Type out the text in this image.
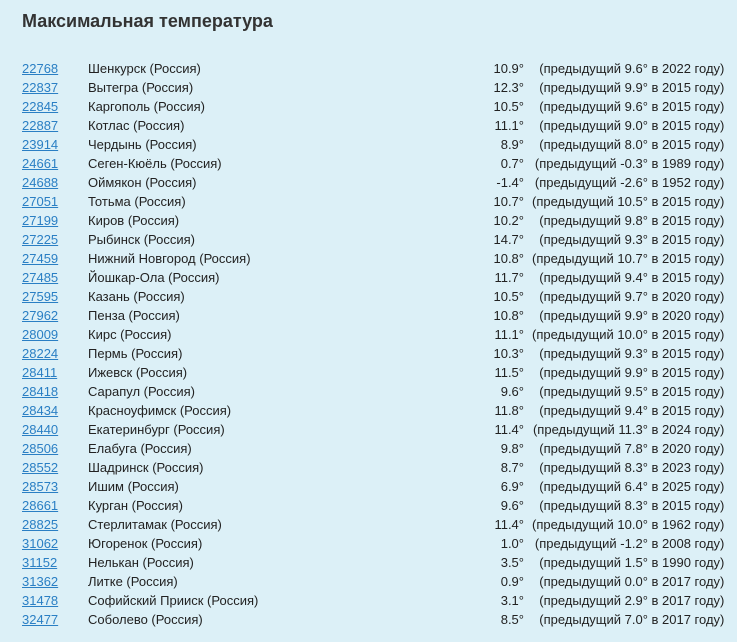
Максимальная температура
22768	Шенкурск (Россия)	10.9°	(предыдущий 9.6° в 2022 году)
22837	Вытегра (Россия)	12.3°	(предыдущий 9.9° в 2015 году)
22845	Каргополь (Россия)	10.5°	(предыдущий 9.6° в 2015 году)
22887	Котлас (Россия)	11.1°	(предыдущий 9.0° в 2015 году)
23914	Чердынь (Россия)	8.9°	(предыдущий 8.0° в 2015 году)
24661	Сеген-Кюёль (Россия)	0.7°	(предыдущий -0.3° в 1989 году)
24688	Оймякон (Россия)	-1.4°	(предыдущий -2.6° в 1952 году)
27051	Тотьма (Россия)	10.7°	(предыдущий 10.5° в 2015 году)
27199	Киров (Россия)	10.2°	(предыдущий 9.8° в 2015 году)
27225	Рыбинск (Россия)	14.7°	(предыдущий 9.3° в 2015 году)
27459	Нижний Новгород (Россия)	10.8°	(предыдущий 10.7° в 2015 году)
27485	Йошкар-Ола (Россия)	11.7°	(предыдущий 9.4° в 2015 году)
27595	Казань (Россия)	10.5°	(предыдущий 9.7° в 2020 году)
27962	Пенза (Россия)	10.8°	(предыдущий 9.9° в 2020 году)
28009	Кирс (Россия)	11.1°	(предыдущий 10.0° в 2015 году)
28224	Пермь (Россия)	10.3°	(предыдущий 9.3° в 2015 году)
28411	Ижевск (Россия)	11.5°	(предыдущий 9.9° в 2015 году)
28418	Сарапул (Россия)	9.6°	(предыдущий 9.5° в 2015 году)
28434	Красноуфимск (Россия)	11.8°	(предыдущий 9.4° в 2015 году)
28440	Екатеринбург (Россия)	11.4°	(предыдущий 11.3° в 2024 году)
28506	Елабуга (Россия)	9.8°	(предыдущий 7.8° в 2020 году)
28552	Шадринск (Россия)	8.7°	(предыдущий 8.3° в 2023 году)
28573	Ишим (Россия)	6.9°	(предыдущий 6.4° в 2025 году)
28661	Курган (Россия)	9.6°	(предыдущий 8.3° в 2015 году)
28825	Стерлитамак (Россия)	11.4°	(предыдущий 10.0° в 1962 году)
31062	Югоренок (Россия)	1.0°	(предыдущий -1.2° в 2008 году)
31152	Нелькан (Россия)	3.5°	(предыдущий 1.5° в 1990 году)
31362	Литке (Россия)	0.9°	(предыдущий 0.0° в 2017 году)
31478	Софийский Прииск (Россия)	3.1°	(предыдущий 2.9° в 2017 году)
32477	Соболево (Россия)	8.5°	(предыдущий 7.0° в 2017 году)
